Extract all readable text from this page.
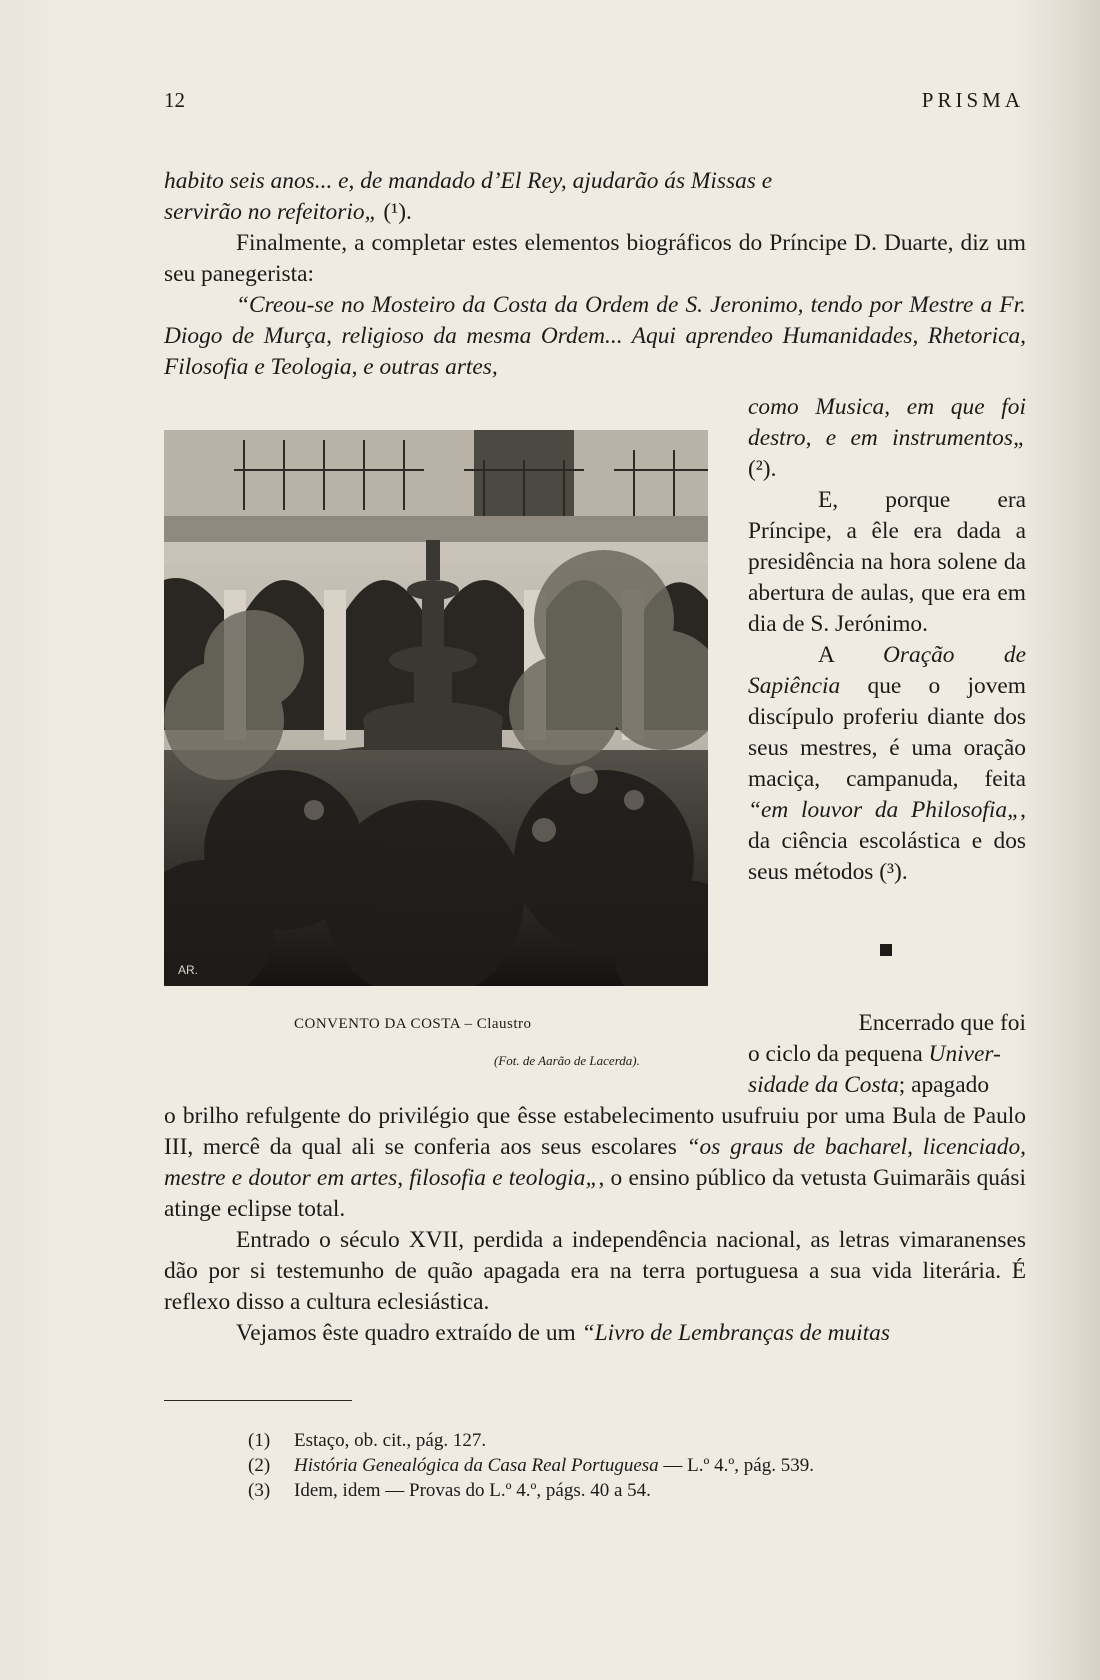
12	PRISMA

habito seis anos... e, de mandado d’El Rey, ajudarão ás Missas e

servirão no refeitorio„ (¹).

Finalmente, a completar estes elementos biográficos do Príncipe D. Duarte, diz um seu panegerista:

“Creou-se no Mosteiro da Costa da Ordem de S. Jeronimo, tendo por Mestre a Fr. Diogo de Murça, religioso da mesma Ordem... Aqui aprendeo Humanidades, Rhetorica, Filosofia e Teologia, e outras artes,

AR.
CONVENTO DA COSTA – Claustro
(Fot. de Aarão de Lacerda).

como Musica, em que foi destro, e em instrumentos„ (²).

E, porque era Príncipe, a êle era dada a presidência na hora solene da abertura de aulas, que era em dia de S. Jerónimo.

A Oração de Sapiência que o jovem discípulo proferiu diante dos seus mestres, é uma oração maciça, campanuda, feita “em louvor da Philosofia„, da ciência escolástica e dos seus métodos (³).

Encerrado que foi

o ciclo da pequena Univer-

sidade da Costa; apagado

o brilho refulgente do privilégio que êsse estabelecimento usufruiu por uma Bula de Paulo III, mercê da qual ali se conferia aos seus escolares “os graus de bacharel, licenciado, mestre e doutor em artes, filosofia e teologia„, o ensino público da vetusta Guimarãis quási atinge eclipse total.

Entrado o século XVII, perdida a independência nacional, as letras vimaranenses dão por si testemunho de quão apagada era na terra portuguesa a sua vida literária. É reflexo disso a cultura eclesiástica.

Vejamos êste quadro extraído de um “Livro de Lembranças de muitas

(1) Estaço, ob. cit., pág. 127.
(2) História Genealógica da Casa Real Portuguesa — L.º 4.º, pág. 539.
(3) Idem, idem — Provas do L.º 4.º, págs. 40 a 54.
